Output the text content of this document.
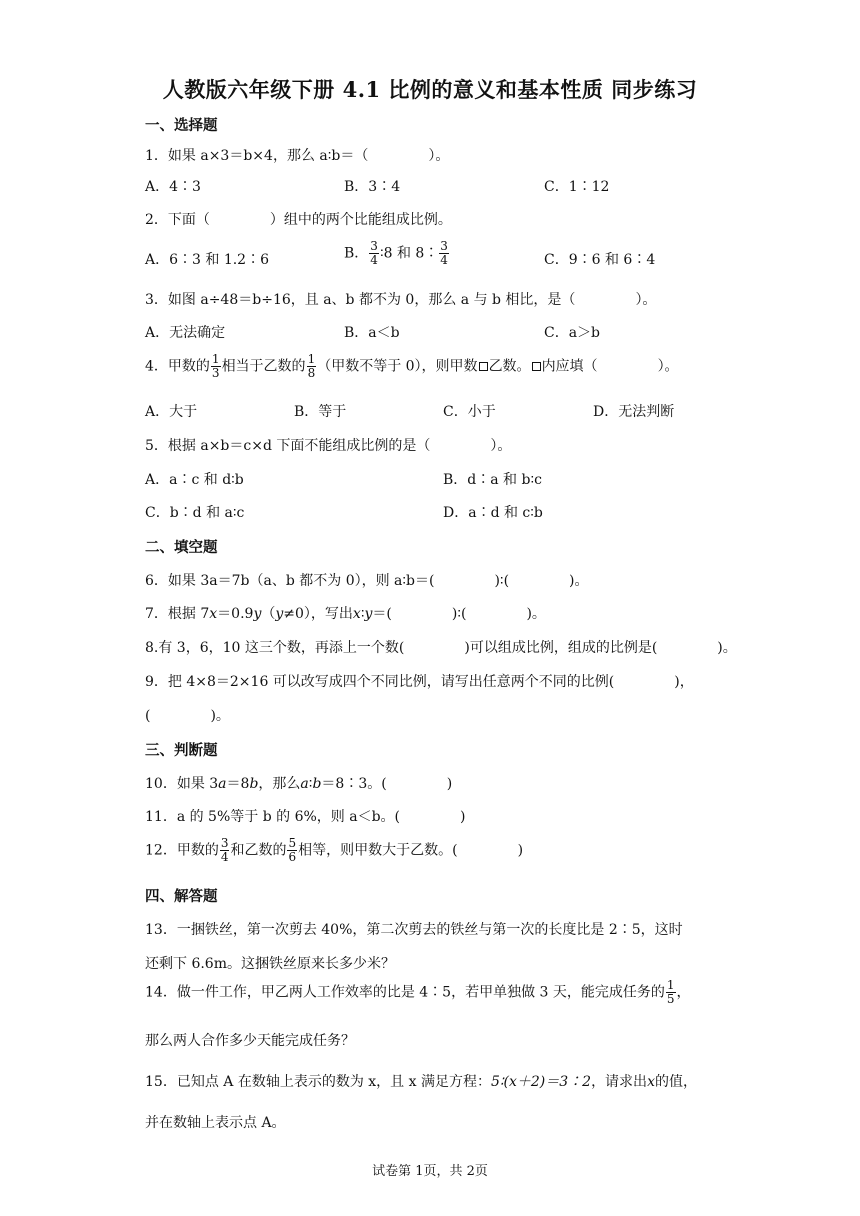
人教版六年级下册 4.1 比例的意义和基本性质 同步练习
一、选择题
1．如果 a×3＝b×4，那么 a∶b＝（	）。
A．4∶3	B．3∶4	C．1∶12
2．下面（	）组中的两个比能组成比例。
A．6∶3 和 1.2∶6	B． $\frac{3}{4}$ ∶8 和 8∶ $\frac{3}{4}$	C．9∶6 和 6∶4
3．如图 a÷48＝b÷16，且 a、b 都不为 0，那么 a 与 b 相比，是（	）。
A．无法确定	B．a＜b	C．a＞b
4．甲数的 $\frac{1}{3}$ 相当于乙数的 $\frac{1}{8}$ （甲数不等于 0），则甲数 乙数。 内应填（	）。
A．大于	B．等于	C．小于	D．无法判断
5．根据 a×b＝c×d 下面不能组成比例的是（	）。
A．a∶c 和 d∶b	B．d∶a 和 b∶c
C．b∶d 和 a∶c	D．a∶d 和 c∶b
二、填空题
6．如果 3a＝7b（a、b 都不为 0），则 a∶b＝(	)∶(	)。
7．根据 7x＝0.9y（y≠0），写出x∶y＝(	)∶(	)。
8.有 3，6，10 这三个数，再添上一个数(	)可以组成比例，组成的比例是(	)。
9．把 4×8＝2×16 可以改写成四个不同比例，请写出任意两个不同的比例(	)，
(	)。
三、判断题
10．如果 3a＝8b，那么a∶b＝8∶3。(	)
11．a 的 5%等于 b 的 6%，则 a＜b。(	)
12．甲数的 $\frac{3}{4}$ 和乙数的 $\frac{5}{6}$ 相等，则甲数大于乙数。(	)
四、解答题
13．一捆铁丝，第一次剪去 40%，第二次剪去的铁丝与第一次的长度比是 2∶5，这时
还剩下 6.6m。这捆铁丝原来长多少米？
14．做一件工作，甲乙两人工作效率的比是 4∶5，若甲单独做 3 天，能完成任务的 $\frac{1}{5}$ ，
那么两人合作多少天能完成任务？
15．已知点 A 在数轴上表示的数为 x，且 x 满足方程：5∶(x＋2)＝3∶2，请求出x的值，
并在数轴上表示点 A。
试卷第 1页，共 2页
